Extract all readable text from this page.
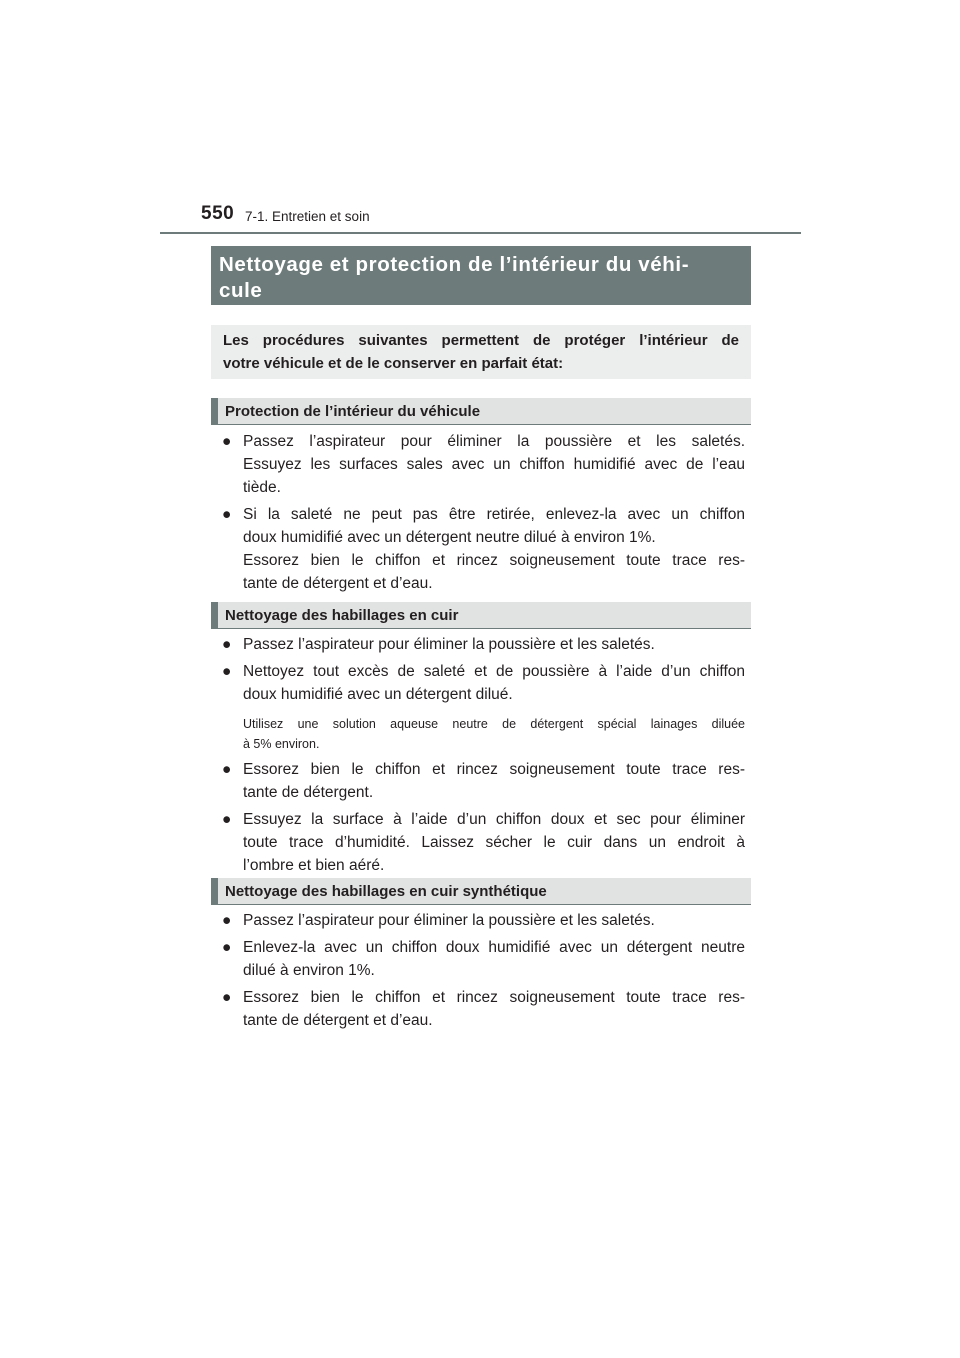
550 7-1. Entretien et soin
Nettoyage et protection de l’intérieur du véhi-
cule
Les procédures suivantes permettent de protéger l’intérieur de
votre véhicule et de le conserver en parfait état:
Protection de l’intérieur du véhicule
● Passez l’aspirateur pour éliminer la poussière et les saletés.
Essuyez les surfaces sales avec un chiffon humidifié avec de l’eau
tiède.
● Si la saleté ne peut pas être retirée, enlevez-la avec un chiffon
doux humidifié avec un détergent neutre dilué à environ 1%.
Essorez bien le chiffon et rincez soigneusement toute trace res-
tante de détergent et d’eau.
Nettoyage des habillages en cuir
● Passez l’aspirateur pour éliminer la poussière et les saletés.
● Nettoyez tout excès de saleté et de poussière à l’aide d’un chiffon
doux humidifié avec un détergent dilué.
Utilisez une solution aqueuse neutre de détergent spécial lainages diluée
à 5% environ.
● Essorez bien le chiffon et rincez soigneusement toute trace res-
tante de détergent.
● Essuyez la surface à l’aide d’un chiffon doux et sec pour éliminer
toute trace d’humidité. Laissez sécher le cuir dans un endroit à
l’ombre et bien aéré.
Nettoyage des habillages en cuir synthétique
● Passez l’aspirateur pour éliminer la poussière et les saletés.
● Enlevez-la avec un chiffon doux humidifié avec un détergent neutre
dilué à environ 1%.
● Essorez bien le chiffon et rincez soigneusement toute trace res-
tante de détergent et d’eau.
